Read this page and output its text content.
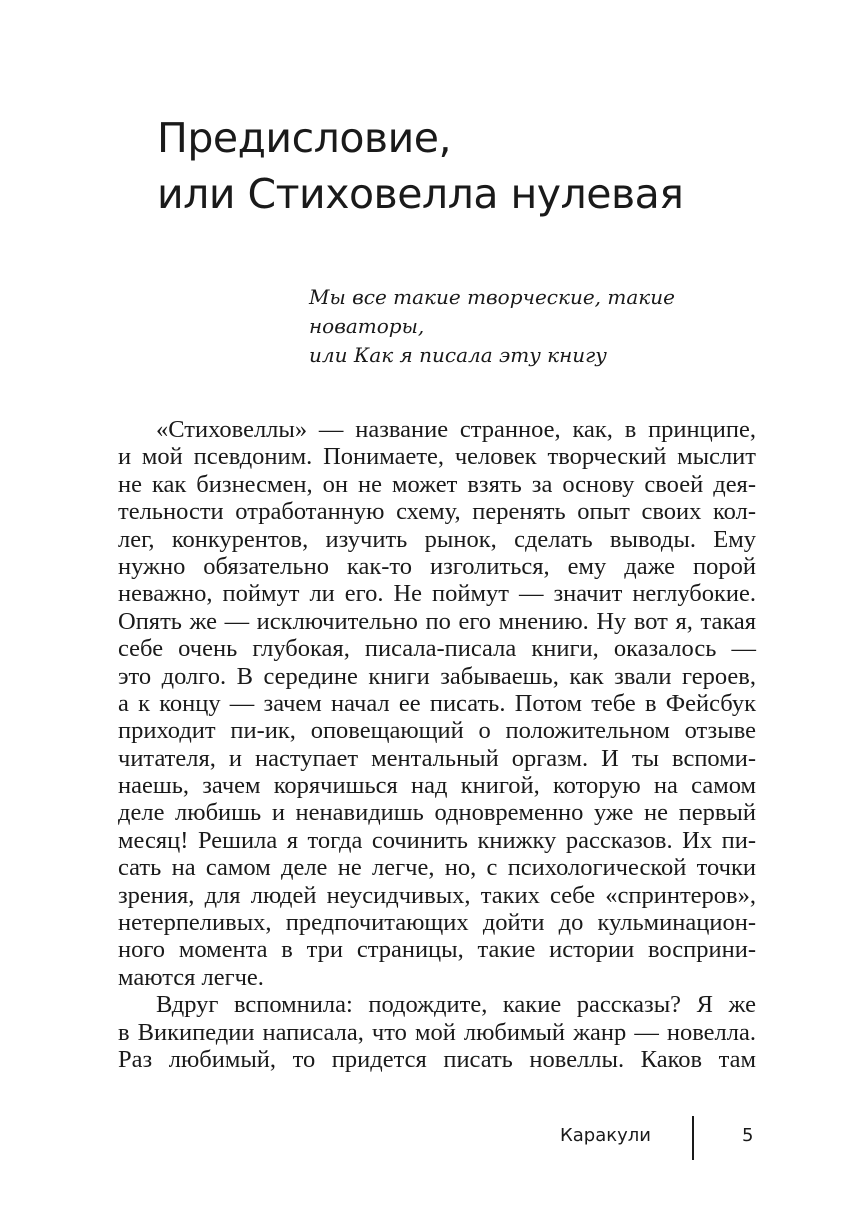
Предисловие,
или Стиховелла нулевая
Мы все такие творческие, такие
новаторы,
или Как я писала эту книгу
«Стиховеллы» — название странное, как, в принципе,
и мой псевдоним. Понимаете, человек творческий мыслит
не как бизнесмен, он не может взять за основу своей дея-
тельности отработанную схему, перенять опыт своих кол-
лег, конкурентов, изучить рынок, сделать выводы. Ему
нужно обязательно как-то изголиться, ему даже порой
неважно, поймут ли его. Не поймут — значит неглубокие.
Опять же — исключительно по его мнению. Ну вот я, такая
себе очень глубокая, писала-писала книги, оказалось —
это долго. В середине книги забываешь, как звали героев,
а к концу — зачем начал ее писать. Потом тебе в Фейсбук
приходит пи-ик, оповещающий о положительном отзыве
читателя, и наступает ментальный оргазм. И ты вспоми-
наешь, зачем корячишься над книгой, которую на самом
деле любишь и ненавидишь одновременно уже не первый
месяц! Решила я тогда сочинить книжку рассказов. Их пи-
сать на самом деле не легче, но, с психологической точки
зрения, для людей неусидчивых, таких себе «спринтеров»,
нетерпеливых, предпочитающих дойти до кульминацион-
ного момента в три страницы, такие истории восприни-
маются легче.
Вдруг вспомнила: подождите, какие рассказы? Я же
в Википедии написала, что мой любимый жанр — новелла.
Раз любимый, то придется писать новеллы. Каков там
Каракули	5
